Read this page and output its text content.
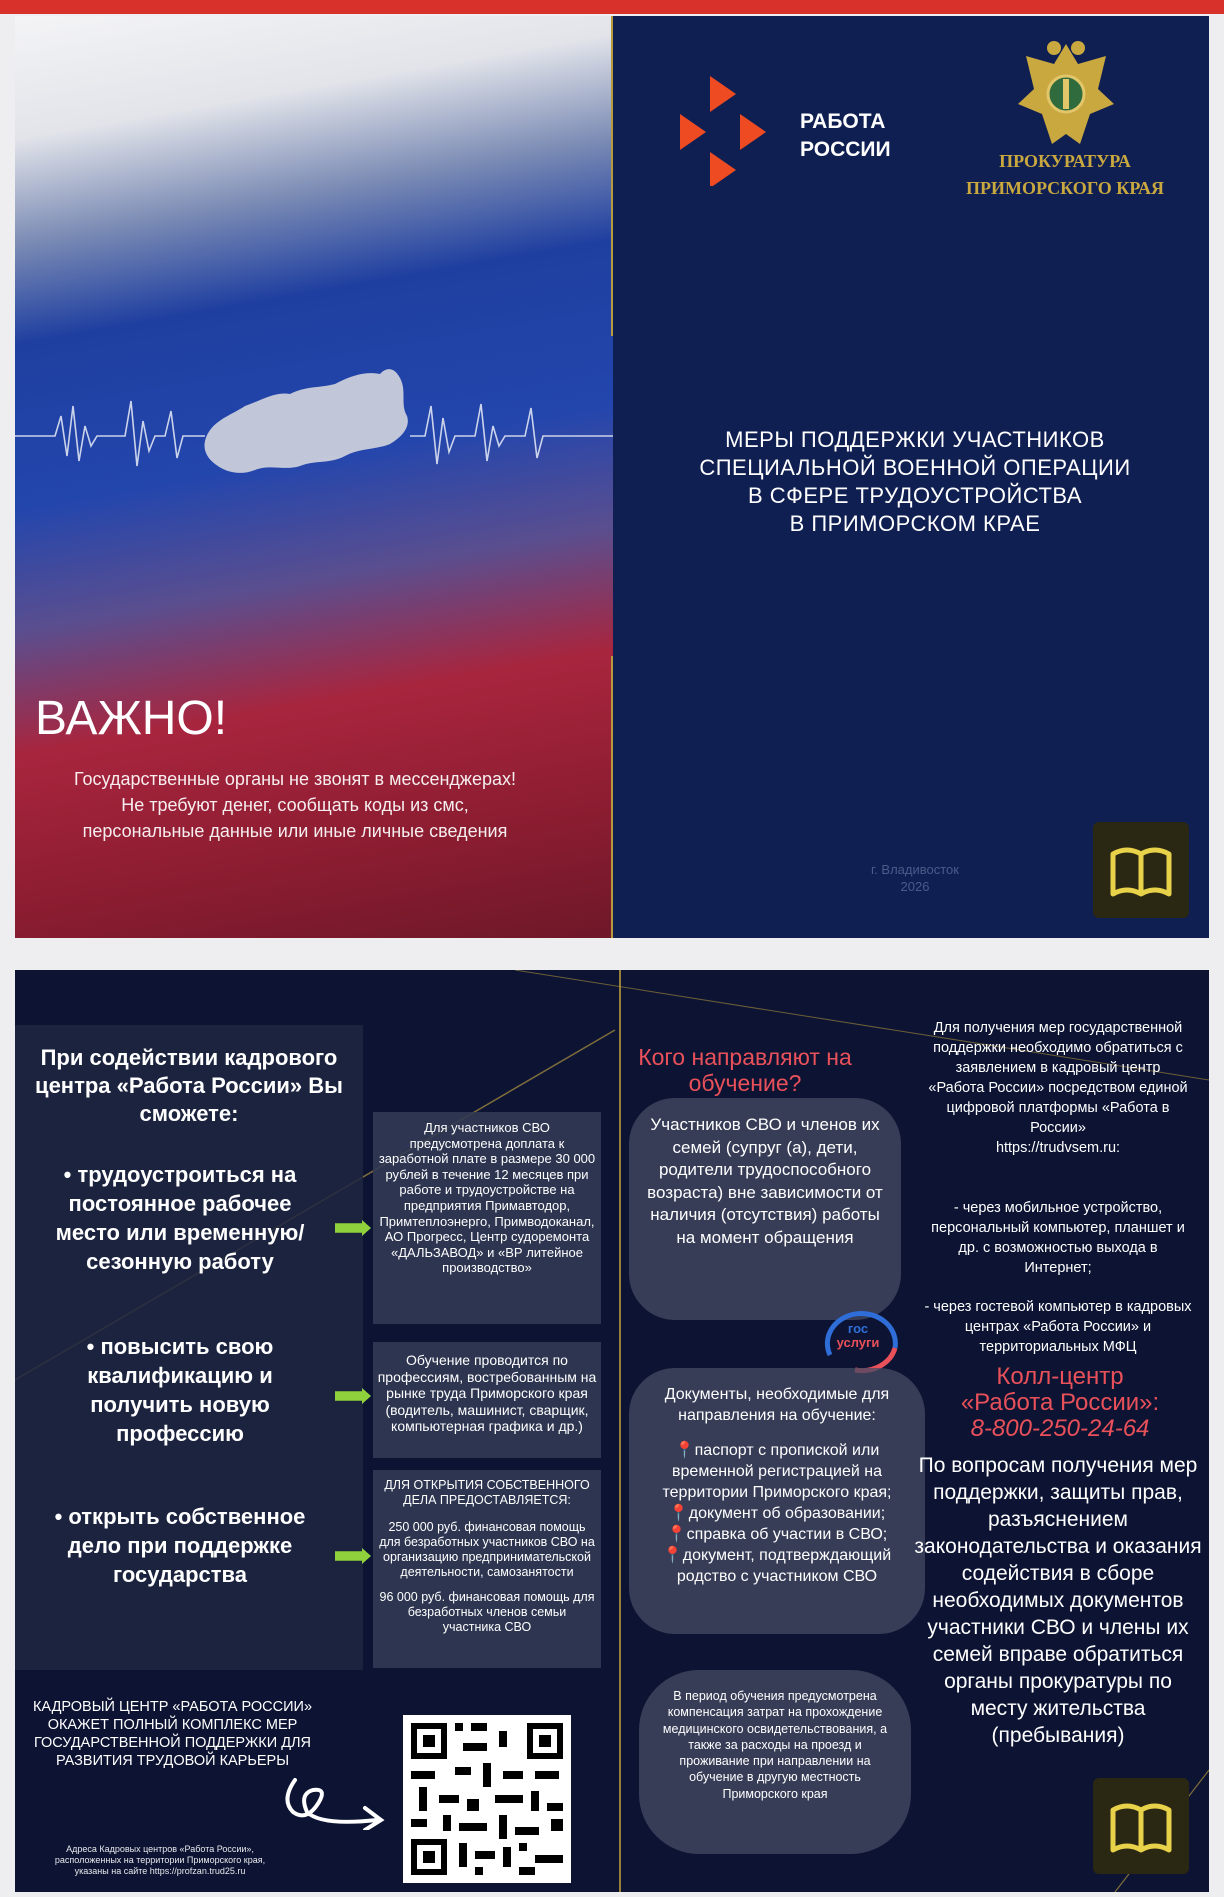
ВАЖНО!
Государственные органы не звонят в мессенджерах!
Не требуют денег, сообщать коды из смс,
персональные данные или иные личные сведения
РАБОТА
РОССИИ	ПРОКУРАТУРА
ПРИМОРСКОГО КРАЯ
МЕРЫ ПОДДЕРЖКИ УЧАСТНИКОВ
СПЕЦИАЛЬНОЙ ВОЕННОЙ ОПЕРАЦИИ
В СФЕРЕ ТРУДОУСТРОЙСТВА
В ПРИМОРСКОМ КРАЕ
г. Владивосток
2026
При содействии кадрового центра «Работа России» Вы сможете:
• трудоустроиться на постоянное рабочее место или временную/ сезонную работу
• повысить свою квалификацию и получить новую профессию
• открыть собственное дело при поддержке государства
Для участников СВО предусмотрена доплата к заработной плате в размере 30 000 рублей в течение 12 месяцев при работе и трудоустройстве на предприятия Примавтодор, Примтеплоэнерго, Примводоканал, АО Прогресс, Центр судоремонта «ДАЛЬЗАВОД» и «ВР литейное производство»
Обучение проводится по профессиям, востребованным на рынке труда Приморского края (водитель, машинист, сварщик, компьютерная графика и др.)
ДЛЯ ОТКРЫТИЯ СОБСТВЕННОГО ДЕЛА ПРЕДОСТАВЛЯЕТСЯ:
250 000 руб. финансовая помощь для безработных участников СВО на организацию предпринимательской деятельности, самозанятости
96 000 руб. финансовая помощь для безработных членов семьи участника СВО
КАДРОВЫЙ ЦЕНТР «РАБОТА РОССИИ» ОКАЖЕТ ПОЛНЫЙ КОМПЛЕКС МЕР ГОСУДАРСТВЕННОЙ ПОДДЕРЖКИ ДЛЯ РАЗВИТИЯ ТРУДОВОЙ КАРЬЕРЫ
Адреса Кадровых центров «Работа России», расположенных на территории Приморского края, указаны на сайте https://profzan.trud25.ru
Кого направляют на обучение?
Участников СВО и членов их семей (супруг (а), дети, родители трудоспособного возраста) вне зависимости от наличия (отсутствия) работы на момент обращения
гос
услуги
Документы, необходимые для направления на обучение:
📍паспорт с пропиской или временной регистрацией на территории Приморского края;
📍документ об образовании;
📍справка об участии в СВО;
📍документ, подтверждающий родство с участником СВО
В период обучения предусмотрена компенсация затрат на прохождение медицинского освидетельствования, а также за расходы на проезд и проживание при направлении на обучение в другую местность Приморского края
Для получения мер государственной поддержки необходимо обратиться с заявлением в кадровый центр «Работа России» посредством единой цифровой платформы «Работа в России»
https://trudvsem.ru:
- через мобильное устройство, персональный компьютер, планшет и др. с возможностью выхода в Интернет;
- через гостевой компьютер в кадровых центрах «Работа России» и территориальных МФЦ
Колл-центр
«Работа России»:
8-800-250-24-64
По вопросам получения мер поддержки, защиты прав, разъяснением законодательства и оказания содействия в сборе необходимых документов участники СВО и члены их семей вправе обратиться органы прокуратуры по месту жительства (пребывания)
